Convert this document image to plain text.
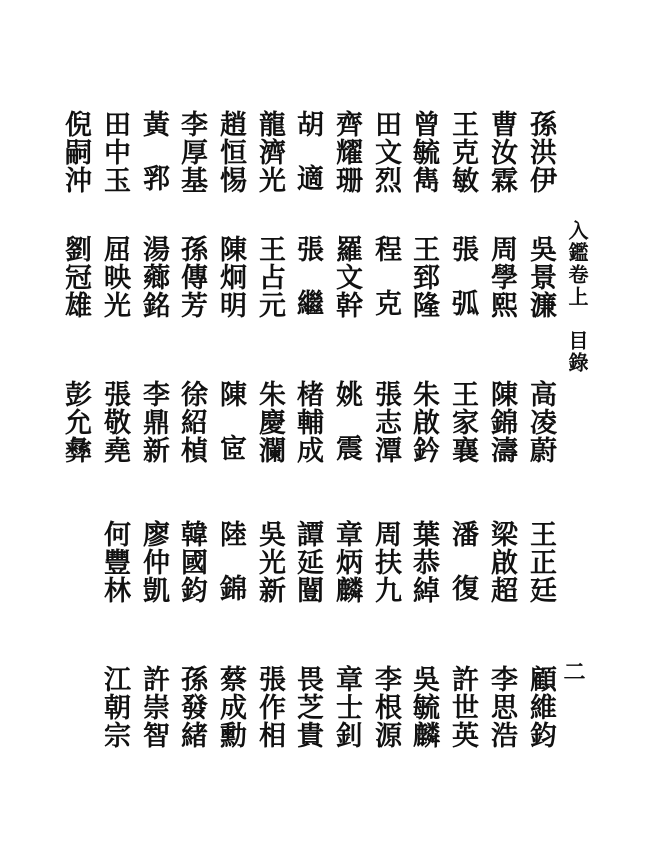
入鑑卷上　目錄
二
孫洪伊
吳景濂
高凌蔚
王正廷
顧維鈞
曹汝霖
周學熙
陳錦濤
梁啟超
李思浩
王克敏
張弧
王家襄
潘復
許世英
曾毓雋
王郅隆
朱啟鈐
葉恭綽
吳毓麟
田文烈
程克
張志潭
周扶九
李根源
齊耀珊
羅文幹
姚震
章炳麟
章士釗
胡適
張繼
楮輔成
譚延闓
畏芝貴
龍濟光
王占元
朱慶瀾
吳光新
張作相
趙恒惕
陳炯明
陳宧
陸錦
蔡成勳
李厚基
孫傳芳
徐紹楨
韓國鈞
孫發緒
黃郛
湯薌銘
李鼎新
廖仲凱
許崇智
田中玉
屈映光
張敬堯
何豐林
江朝宗
倪嗣沖
劉冠雄
彭允彝
